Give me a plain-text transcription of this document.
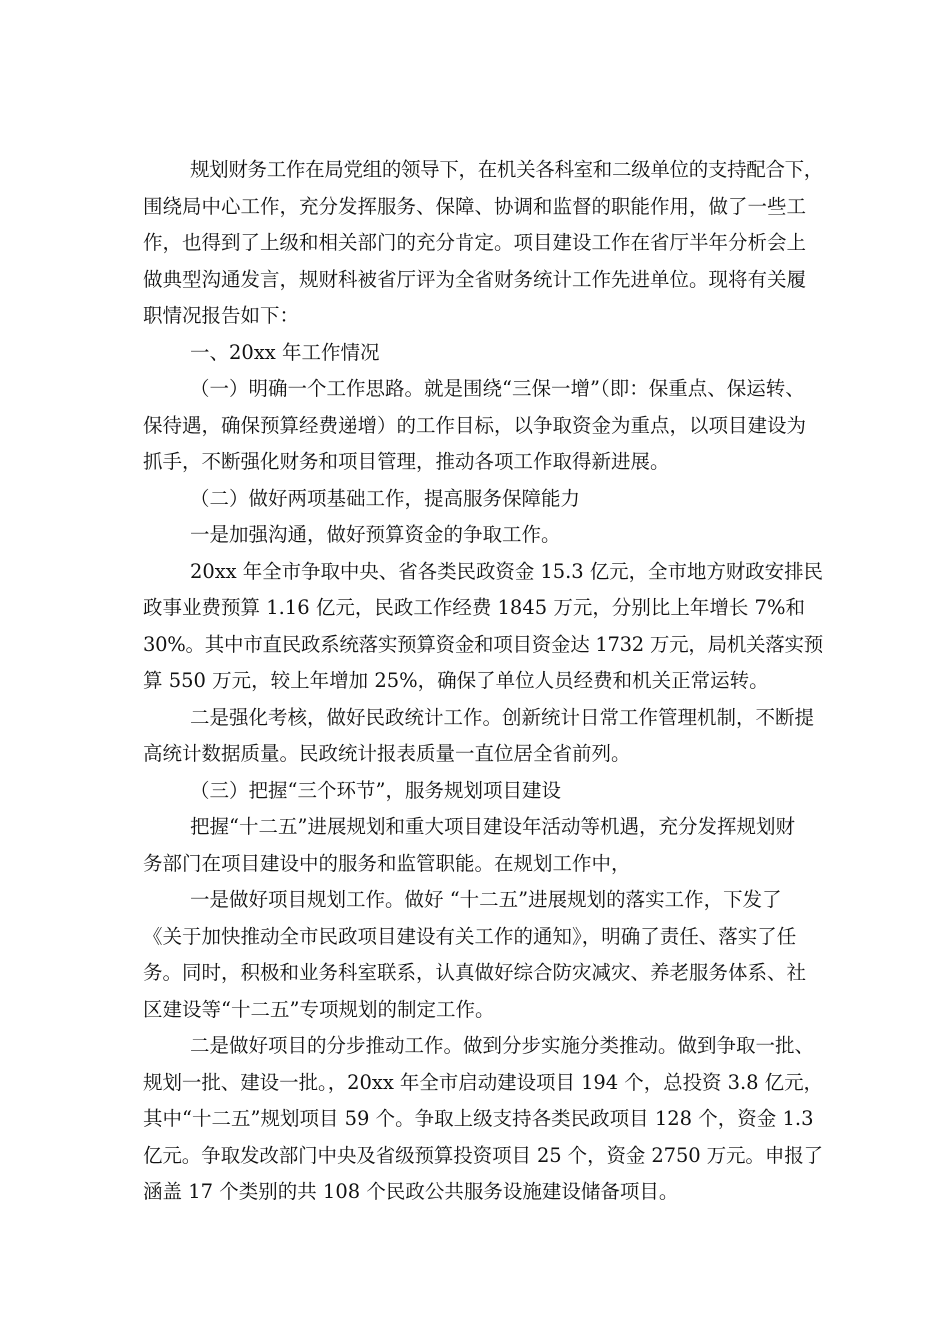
规划财务工作在局党组的领导下，在机关各科室和二级单位的支持配合下，
围绕局中心工作，充分发挥服务、保障、协调和监督的职能作用，做了一些工
作，也得到了上级和相关部门的充分肯定。项目建设工作在省厅半年分析会上
做典型沟通发言，规财科被省厅评为全省财务统计工作先进单位。现将有关履
职情况报告如下：
一、20xx 年工作情况
（一）明确一个工作思路。就是围绕“三保一增”（即：保重点、保运转、
保待遇，确保预算经费递增）的工作目标，以争取资金为重点，以项目建设为
抓手，不断强化财务和项目管理，推动各项工作取得新进展。
（二）做好两项基础工作，提高服务保障能力
一是加强沟通，做好预算资金的争取工作。
20xx 年全市争取中央、省各类民政资金 15.3 亿元，全市地方财政安排民
政事业费预算 1.16 亿元，民政工作经费 1845 万元，分别比上年增长 7%和
30%。其中市直民政系统落实预算资金和项目资金达 1732 万元，局机关落实预
算 550 万元，较上年增加 25%，确保了单位人员经费和机关正常运转。
二是强化考核，做好民政统计工作。创新统计日常工作管理机制，不断提
高统计数据质量。民政统计报表质量一直位居全省前列。
（三）把握“三个环节”，服务规划项目建设
把握“十二五”进展规划和重大项目建设年活动等机遇，充分发挥规划财
务部门在项目建设中的服务和监管职能。在规划工作中，
一是做好项目规划工作。做好 “十二五”进展规划的落实工作，下发了
《关于加快推动全市民政项目建设有关工作的通知》，明确了责任、落实了任
务。同时，积极和业务科室联系，认真做好综合防灾减灾、养老服务体系、社
区建设等“十二五”专项规划的制定工作。
二是做好项目的分步推动工作。做到分步实施分类推动。做到争取一批、
规划一批、建设一批。，20xx 年全市启动建设项目 194 个，总投资 3.8 亿元，
其中“十二五”规划项目 59 个。争取上级支持各类民政项目 128 个，资金 1.3
亿元。争取发改部门中央及省级预算投资项目 25 个，资金 2750 万元。申报了
涵盖 17 个类别的共 108 个民政公共服务设施建设储备项目。
